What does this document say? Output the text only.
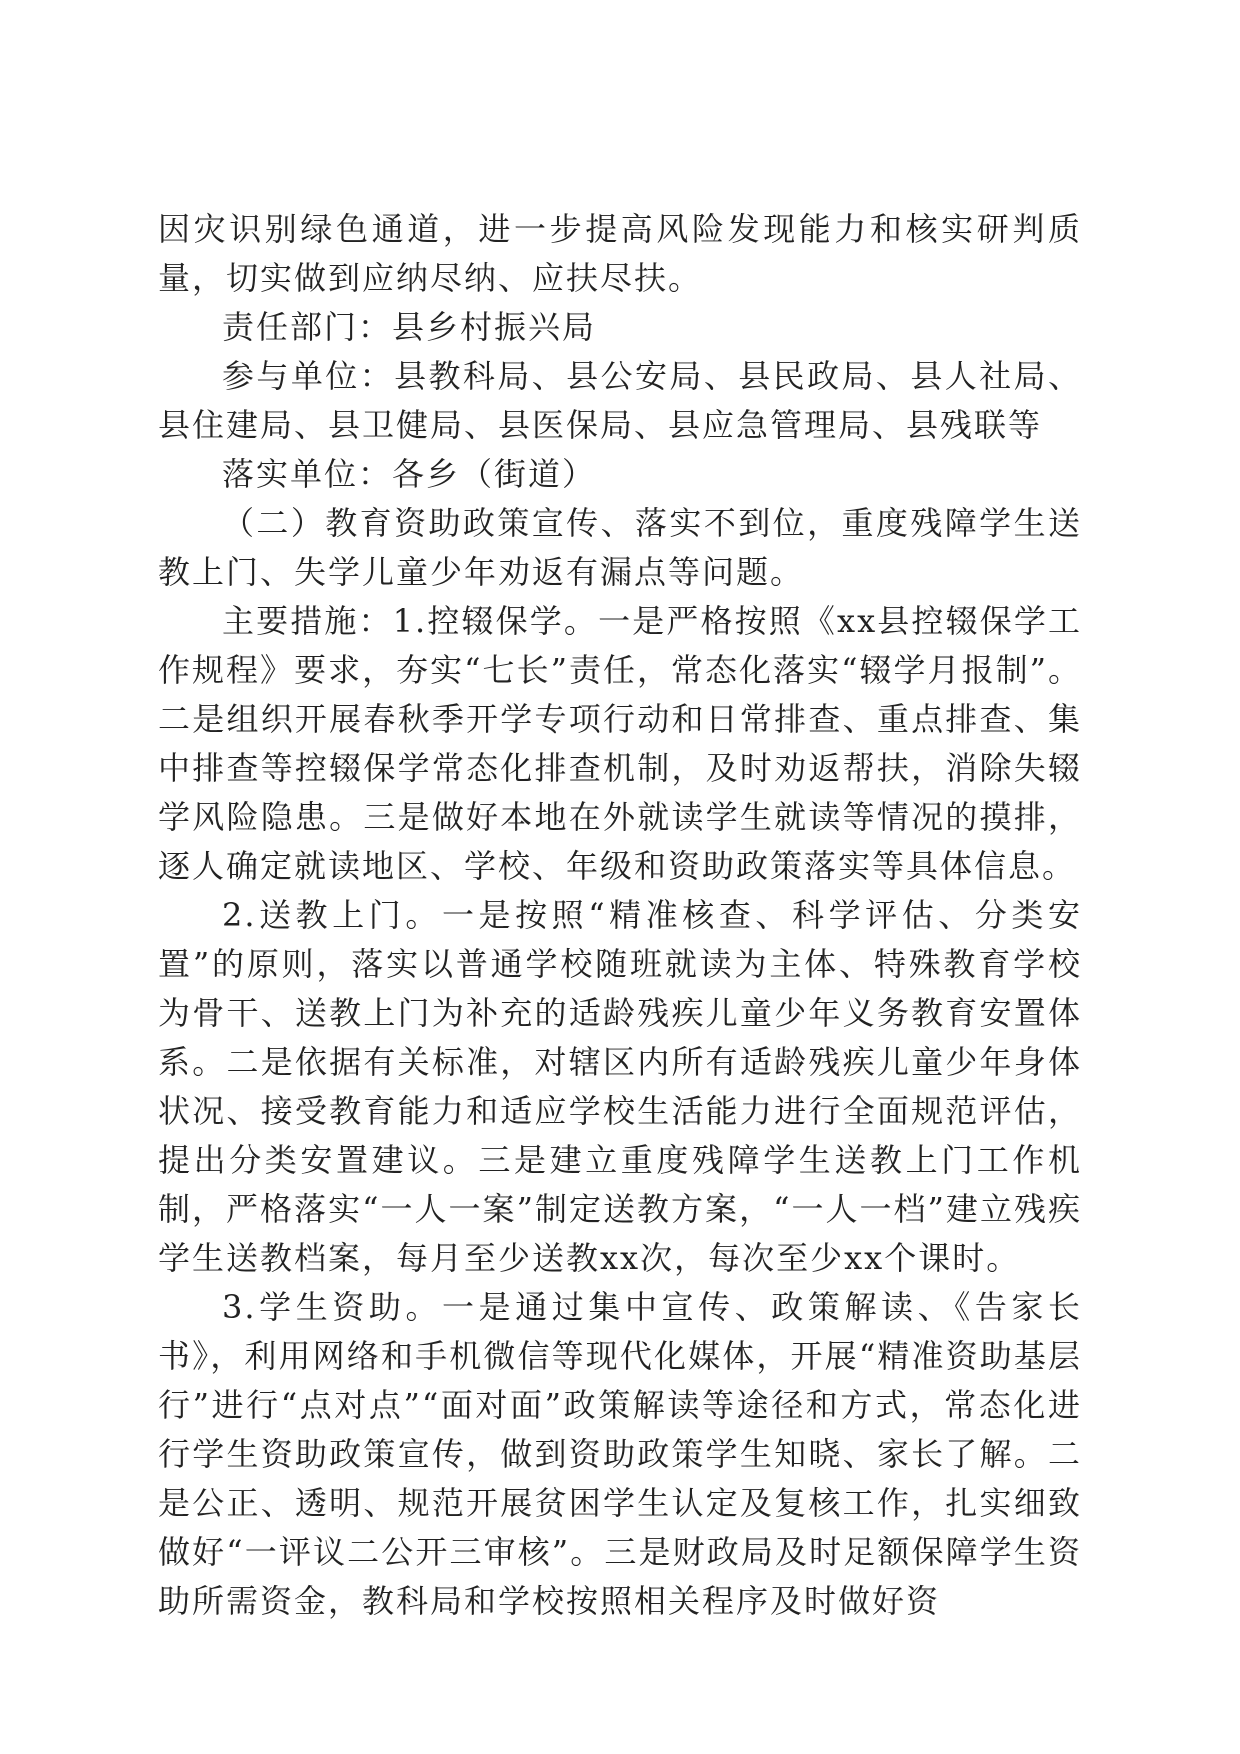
因灾识别绿色通道，进一步提高风险发现能力和核实研判质量，切实做到应纳尽纳、应扶尽扶。

责任部门：县乡村振兴局

参与单位：县教科局、县公安局、县民政局、县人社局、县住建局、县卫健局、县医保局、县应急管理局、县残联等

落实单位：各乡（街道）

（二）教育资助政策宣传、落实不到位，重度残障学生送教上门、失学儿童少年劝返有漏点等问题。

主要措施：1.控辍保学。一是严格按照《xx县控辍保学工作规程》要求，夯实“七长”责任，常态化落实“辍学月报制”。二是组织开展春秋季开学专项行动和日常排查、重点排查、集中排查等控辍保学常态化排查机制，及时劝返帮扶，消除失辍学风险隐患。三是做好本地在外就读学生就读等情况的摸排，逐人确定就读地区、学校、年级和资助政策落实等具体信息。

2.送教上门。一是按照“精准核查、科学评估、分类安置”的原则，落实以普通学校随班就读为主体、特殊教育学校为骨干、送教上门为补充的适龄残疾儿童少年义务教育安置体系。二是依据有关标准，对辖区内所有适龄残疾儿童少年身体状况、接受教育能力和适应学校生活能力进行全面规范评估，提出分类安置建议。三是建立重度残障学生送教上门工作机制，严格落实“一人一案”制定送教方案，“一人一档”建立残疾学生送教档案，每月至少送教xx次，每次至少xx个课时。

3.学生资助。一是通过集中宣传、政策解读、《告家长书》，利用网络和手机微信等现代化媒体，开展“精准资助基层行”进行“点对点”“面对面”政策解读等途径和方式，常态化进行学生资助政策宣传，做到资助政策学生知晓、家长了解。二是公正、透明、规范开展贫困学生认定及复核工作，扎实细致做好“一评议二公开三审核”。三是财政局及时足额保障学生资助所需资金，教科局和学校按照相关程序及时做好资
